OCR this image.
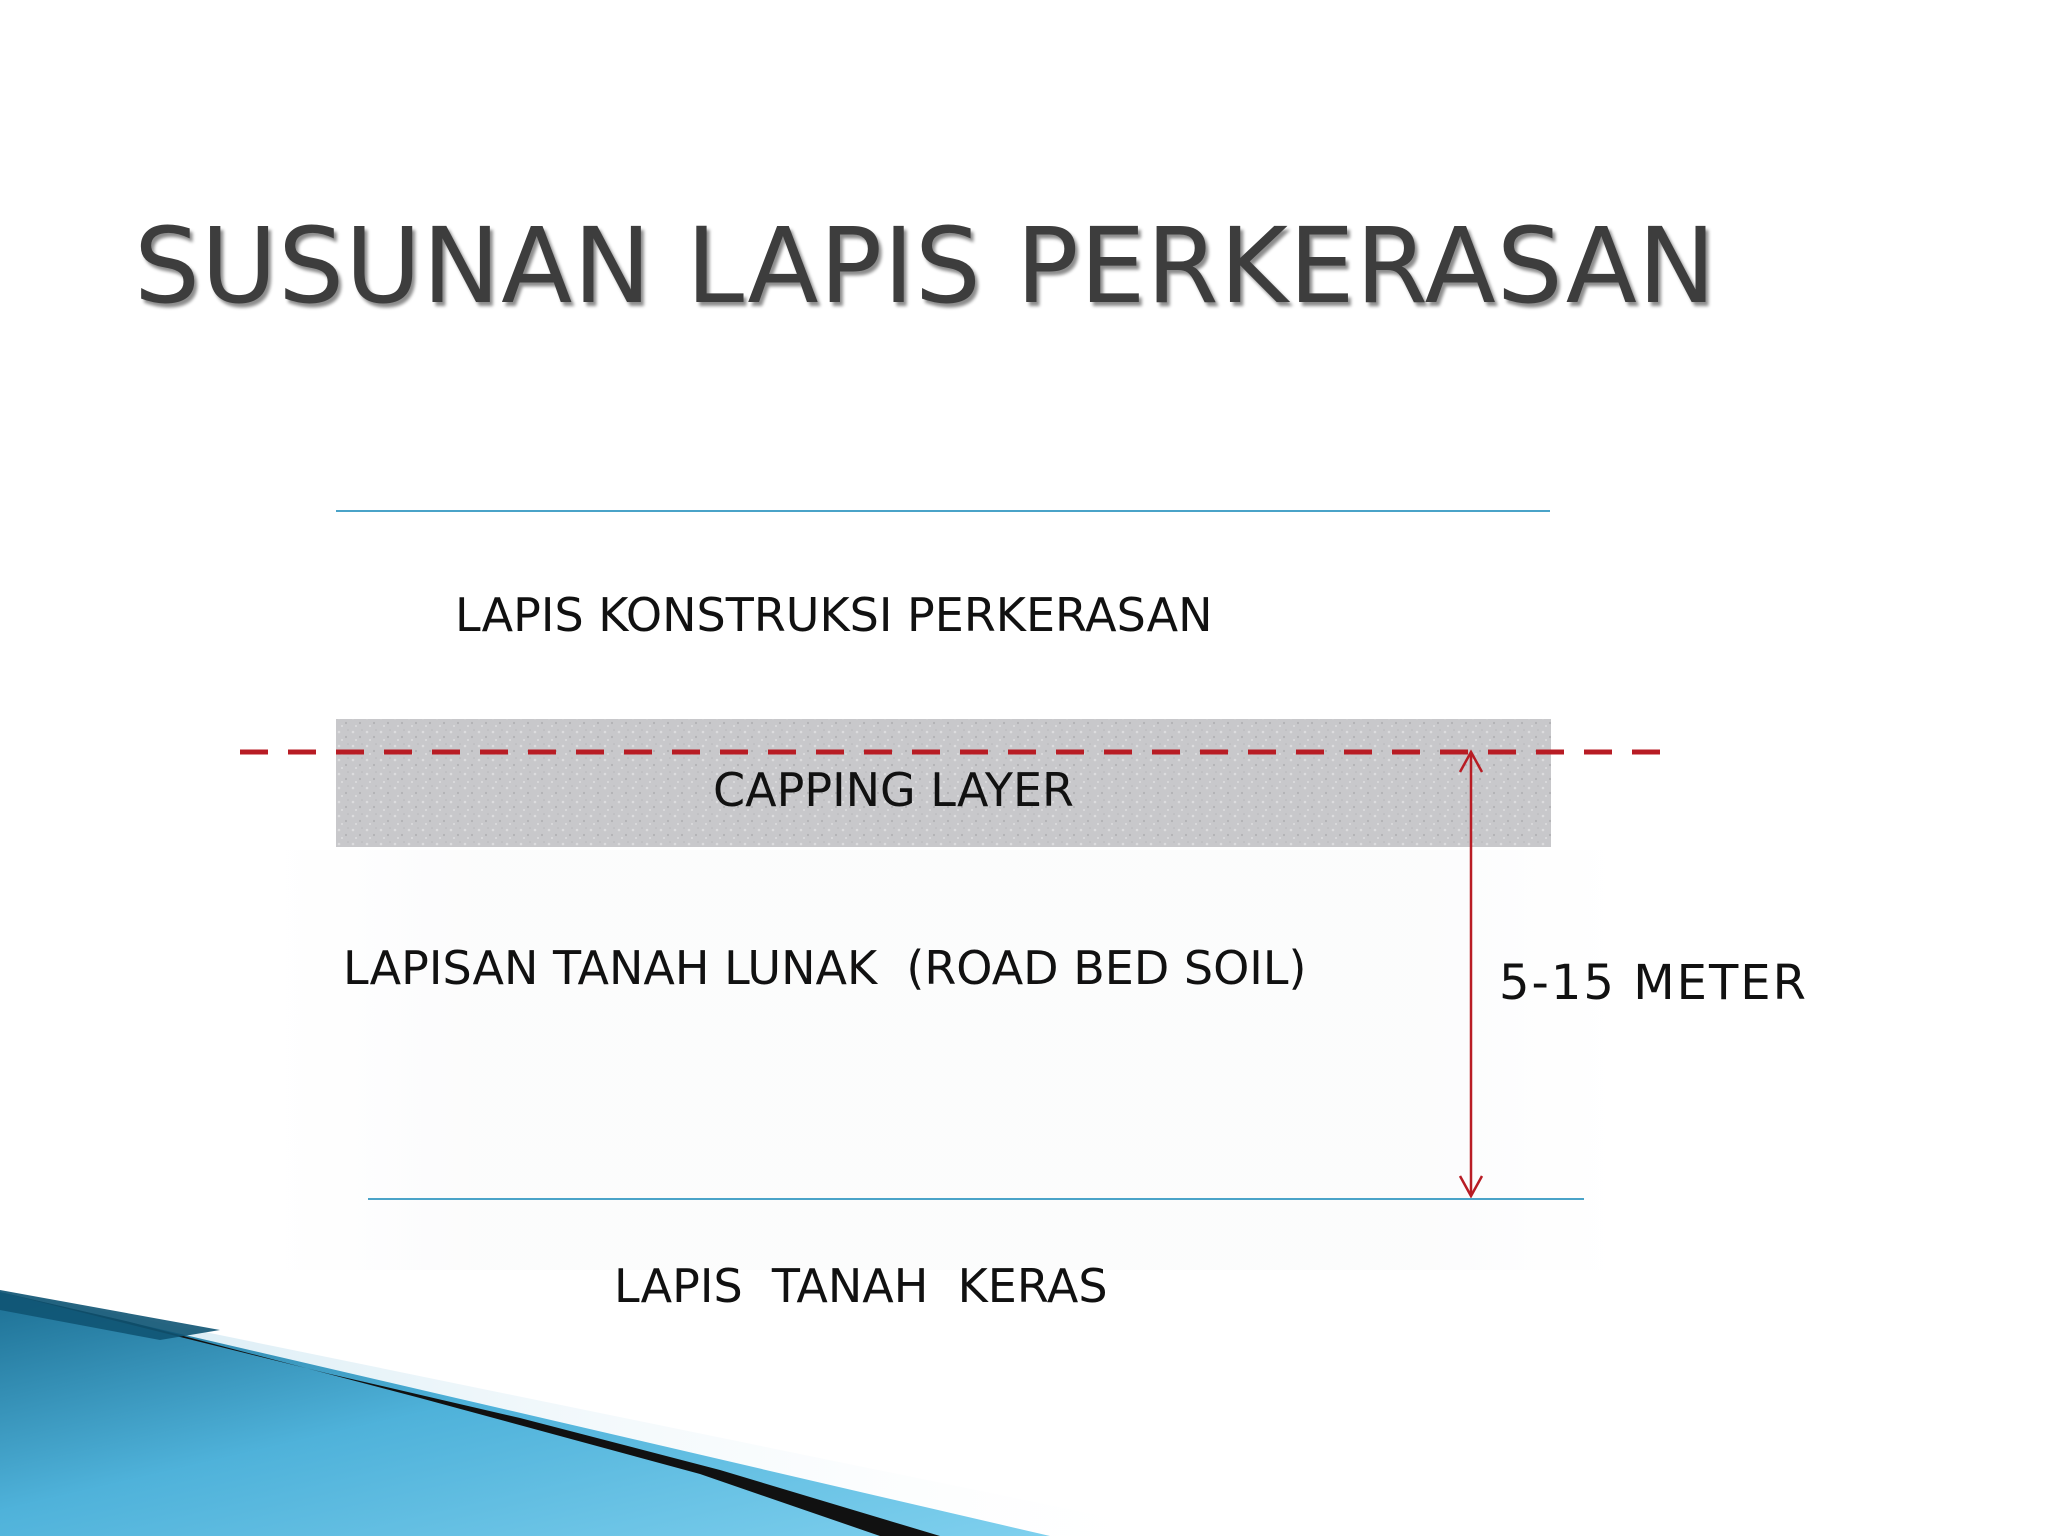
SUSUNAN LAPIS PERKERASAN
LAPIS KONSTRUKSI PERKERASAN
CAPPING LAYER
LAPISAN TANAH LUNAK  (ROAD BED SOIL)	5-15 METER
LAPIS  TANAH  KERAS
